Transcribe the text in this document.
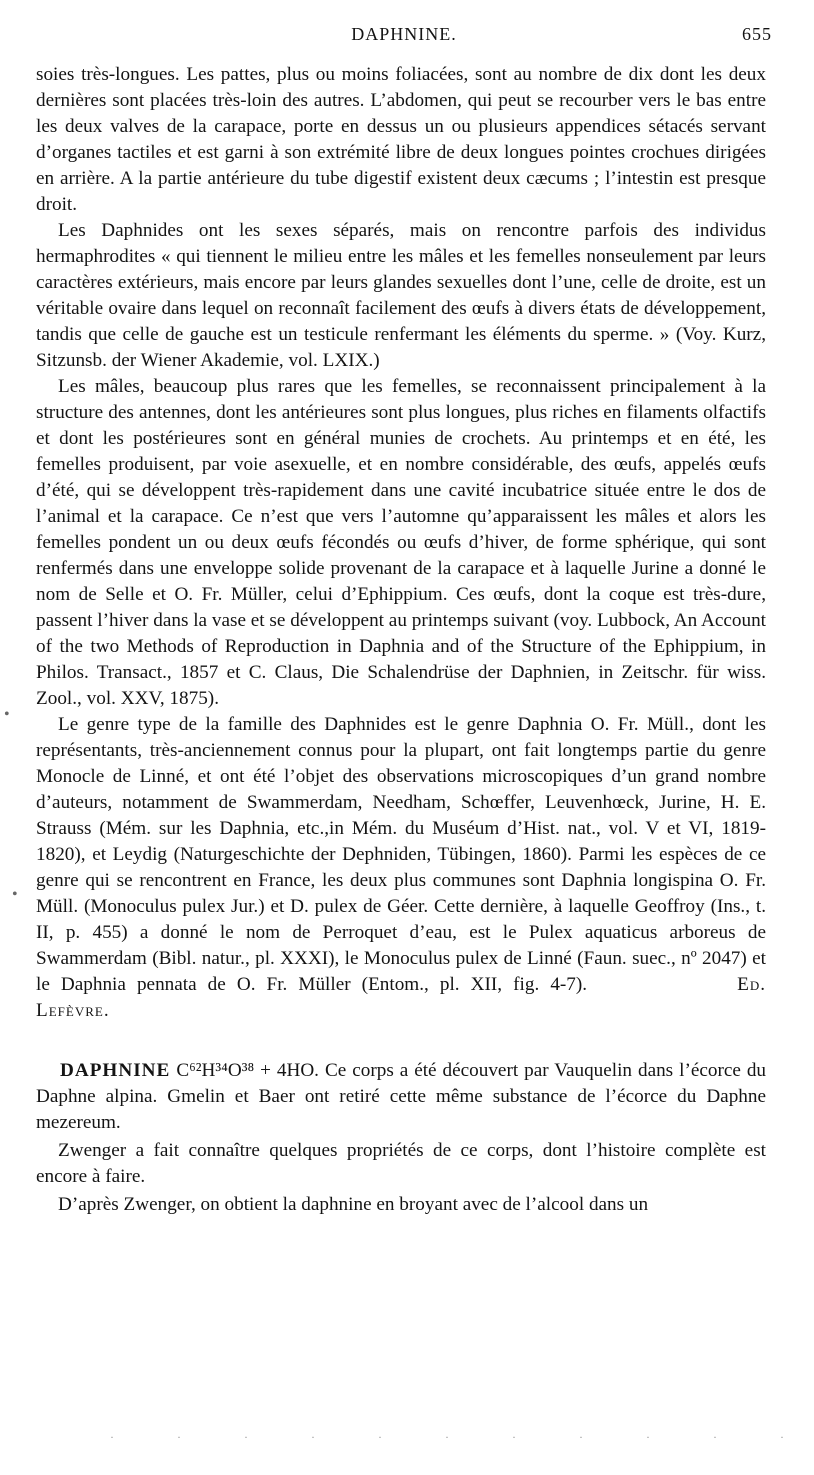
DAPHNINE.	655

soies très-longues. Les pattes, plus ou moins foliacées, sont au nombre de dix dont les deux dernières sont placées très-loin des autres. L’abdomen, qui peut se recourber vers le bas entre les deux valves de la carapace, porte en dessus un ou plusieurs appendices sétacés servant d’organes tactiles et est garni à son extrémité libre de deux longues pointes crochues dirigées en arrière. A la partie antérieure du tube digestif existent deux cæcums ; l’intestin est presque droit.

Les Daphnides ont les sexes séparés, mais on rencontre parfois des individus hermaphrodites « qui tiennent le milieu entre les mâles et les femelles nonseulement par leurs caractères extérieurs, mais encore par leurs glandes sexuelles dont l’une, celle de droite, est un véritable ovaire dans lequel on reconnaît facilement des œufs à divers états de développement, tandis que celle de gauche est un testicule renfermant les éléments du sperme. » (Voy. Kurz, Sitzunsb. der Wiener Akademie, vol. LXIX.)

Les mâles, beaucoup plus rares que les femelles, se reconnaissent principalement à la structure des antennes, dont les antérieures sont plus longues, plus riches en filaments olfactifs et dont les postérieures sont en général munies de crochets. Au printemps et en été, les femelles produisent, par voie asexuelle, et en nombre considérable, des œufs, appelés œufs d’été, qui se développent très-rapidement dans une cavité incubatrice située entre le dos de l’animal et la carapace. Ce n’est que vers l’automne qu’apparaissent les mâles et alors les femelles pondent un ou deux œufs fécondés ou œufs d’hiver, de forme sphérique, qui sont renfermés dans une enveloppe solide provenant de la carapace et à laquelle Jurine a donné le nom de Selle et O. Fr. Müller, celui d’Ephippium. Ces œufs, dont la coque est très-dure, passent l’hiver dans la vase et se développent au printemps suivant (voy. Lubbock, An Account of the two Methods of Reproduction in Daphnia and of the Structure of the Ephippium, in Philos. Transact., 1857 et C. Claus, Die Schalendrüse der Daphnien, in Zeitschr. für wiss. Zool., vol. XXV, 1875).

Le genre type de la famille des Daphnides est le genre Daphnia O. Fr. Müll., dont les représentants, très-anciennement connus pour la plupart, ont fait longtemps partie du genre Monocle de Linné, et ont été l’objet des observations microscopiques d’un grand nombre d’auteurs, notamment de Swammerdam, Needham, Schœffer, Leuvenhœck, Jurine, H. E. Strauss (Mém. sur les Daphnia, etc.,in Mém. du Muséum d’Hist. nat., vol. V et VI, 1819-1820), et Leydig (Naturgeschichte der Dephniden, Tübingen, 1860). Parmi les espèces de ce genre qui se rencontrent en France, les deux plus communes sont Daphnia longispina O. Fr. Müll. (Monoculus pulex Jur.) et D. pulex de Géer. Cette dernière, à laquelle Geoffroy (Ins., t. II, p. 455) a donné le nom de Perroquet d’eau, est le Pulex aquaticus arboreus de Swammerdam (Bibl. natur., pl. XXXI), le Monoculus pulex de Linné (Faun. suec., nº 2047) et le Daphnia pennata de O. Fr. Müller (Entom., pl. XII, fig. 4-7).	Ed. Lefèvre.

DAPHNINE C⁶²H³⁴O³⁸ + 4HO. Ce corps a été découvert par Vauquelin dans l’écorce du Daphne alpina. Gmelin et Baer ont retiré cette même substance de l’écorce du Daphne mezereum.

Zwenger a fait connaître quelques propriétés de ce corps, dont l’histoire complète est encore à faire.

D’après Zwenger, on obtient la daphnine en broyant avec de l’alcool dans un

•
•
· · · · · · · · · · ·
